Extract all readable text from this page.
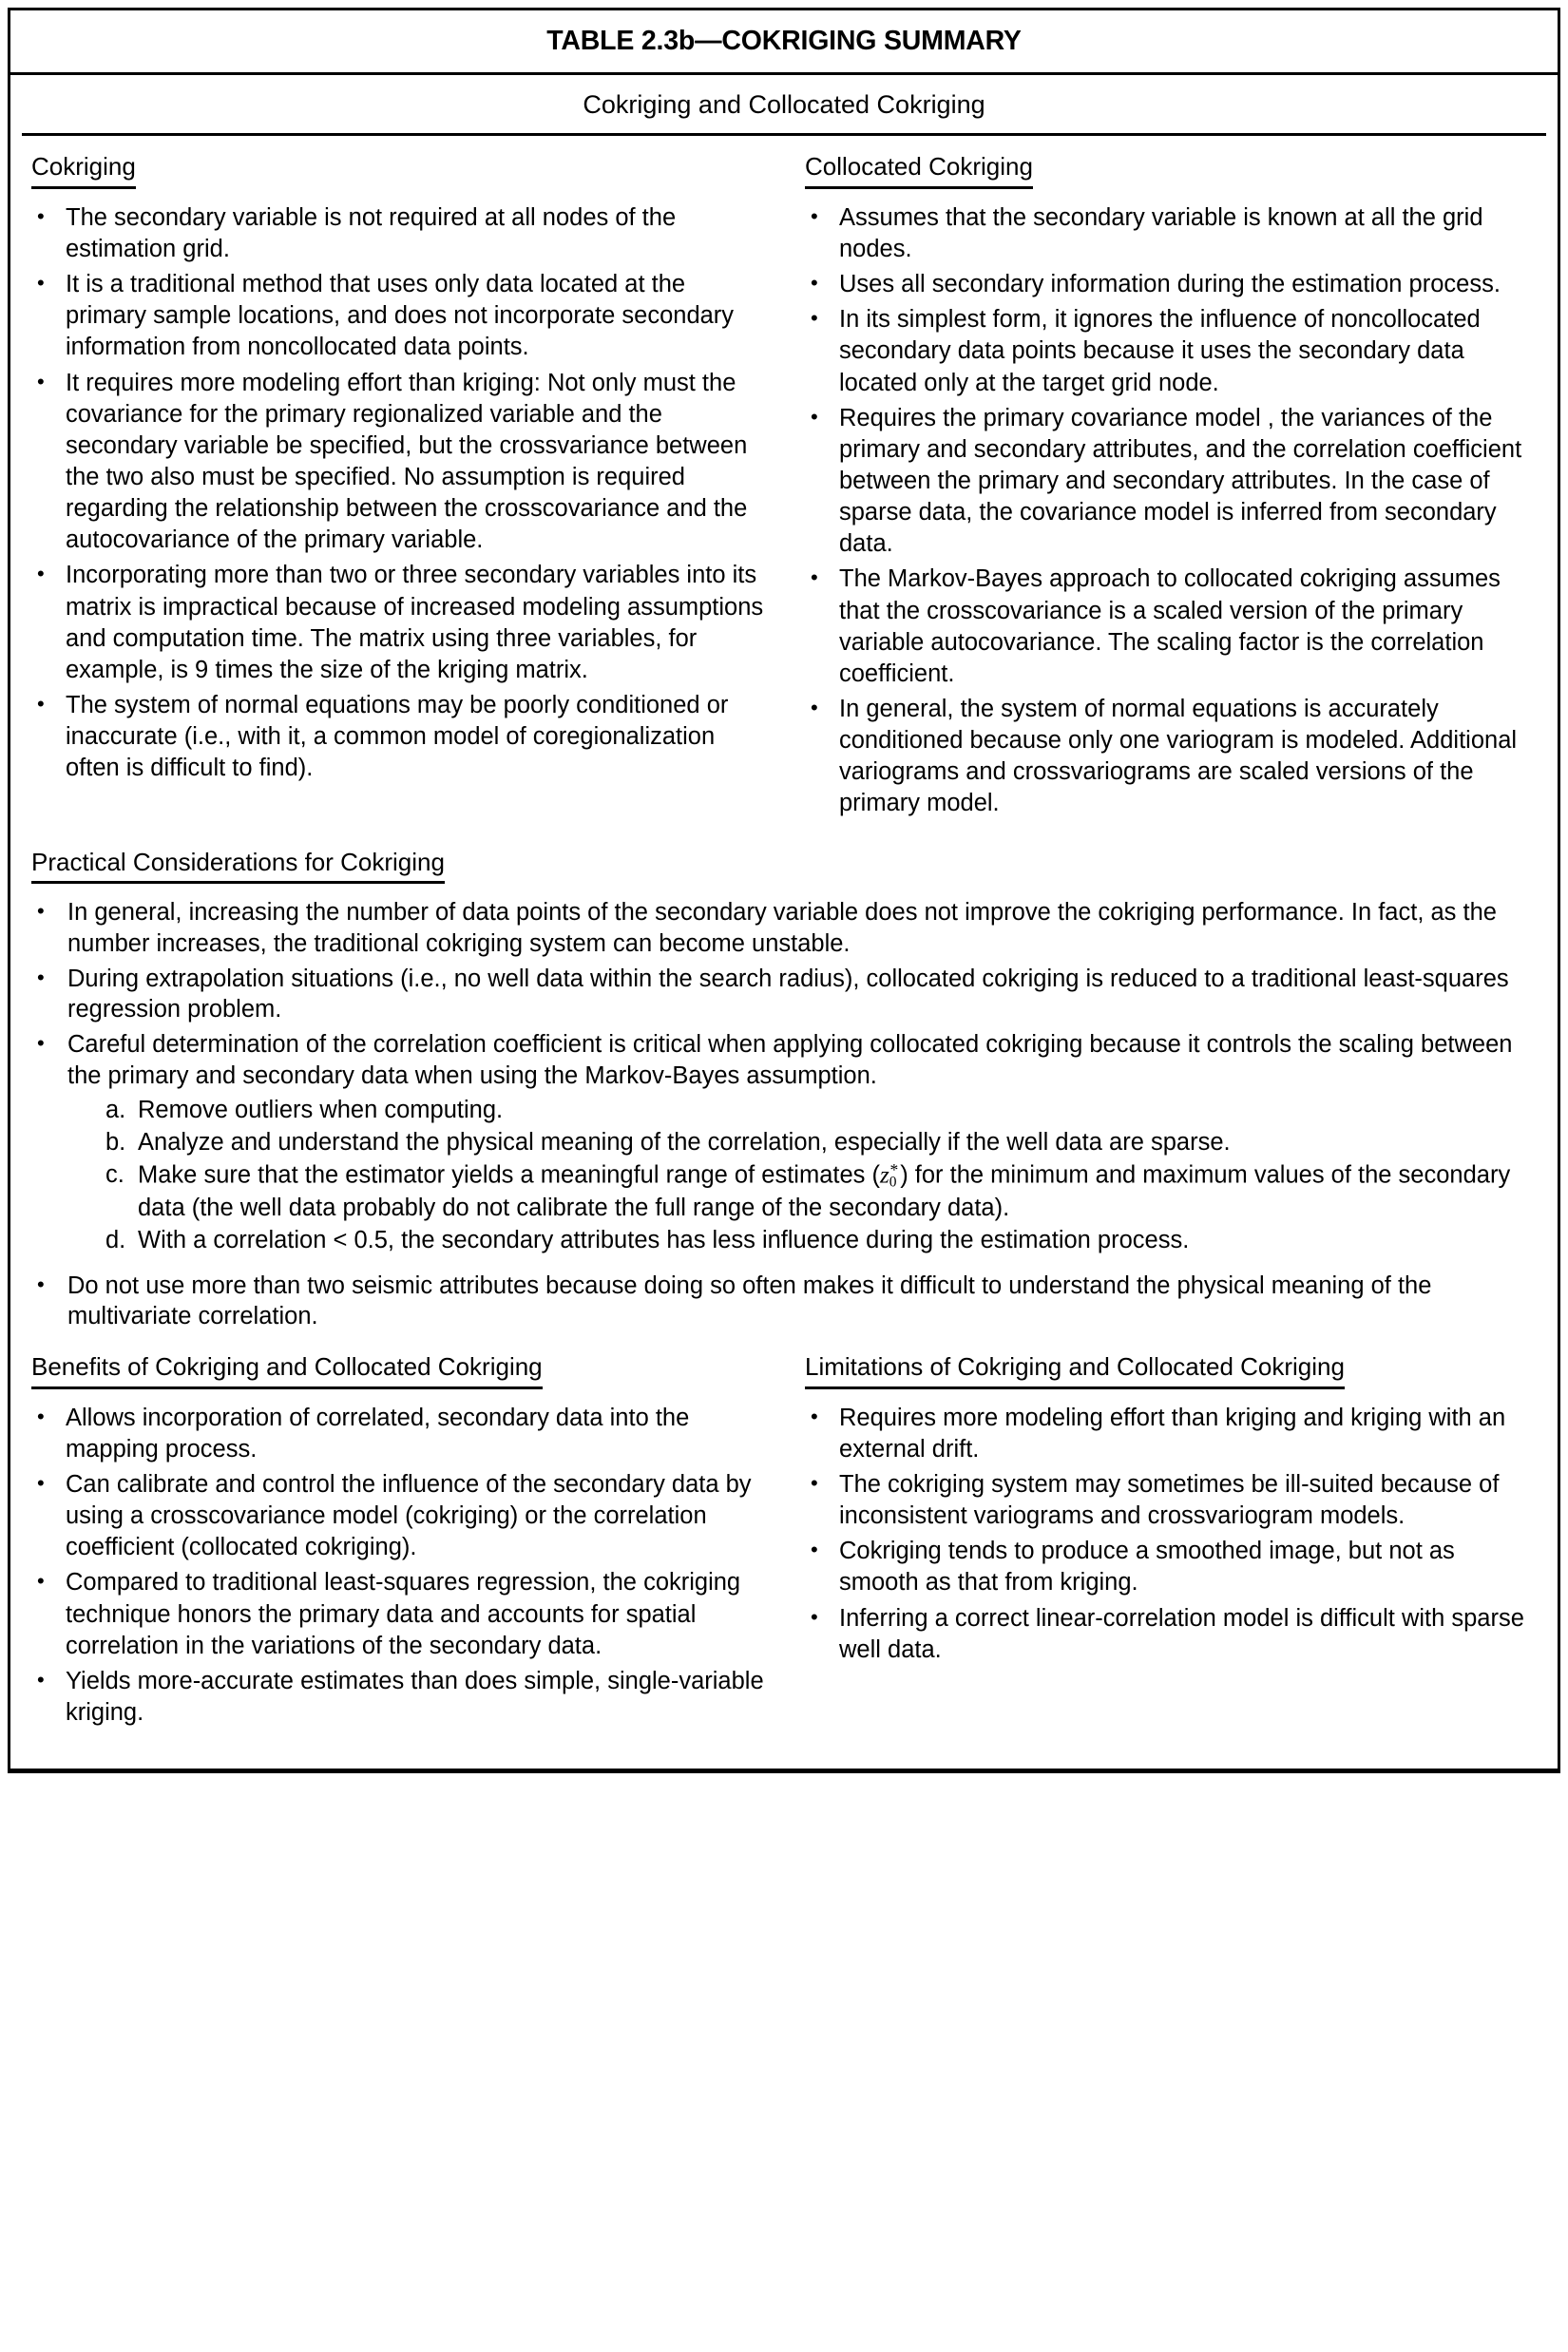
TABLE 2.3b—COKRIGING SUMMARY
Cokriging and Collocated Cokriging
Cokriging
• The secondary variable is not required at all nodes of the estimation grid.
• It is a traditional method that uses only data located at the primary sample locations, and does not incorporate secondary information from noncollocated data points.
• It requires more modeling effort than kriging: Not only must the covariance for the primary regionalized variable and the secondary variable be specified, but the crossvariance between the two also must be specified. No assumption is required regarding the relationship between the crosscovariance and the autocovariance of the primary variable.
• Incorporating more than two or three secondary variables into its matrix is impractical because of increased modeling assumptions and computation time. The matrix using three variables, for example, is 9 times the size of the kriging matrix.
• The system of normal equations may be poorly conditioned or inaccurate (i.e., with it, a common model of coregionalization often is difficult to find).
Collocated Cokriging
• Assumes that the secondary variable is known at all the grid nodes.
• Uses all secondary information during the estimation process.
• In its simplest form, it ignores the influence of noncollocated secondary data points because it uses the secondary data located only at the target grid node.
• Requires the primary covariance model , the variances of the primary and secondary attributes, and the correlation coefficient between the primary and secondary attributes. In the case of sparse data, the covariance model is inferred from secondary data.
• The Markov-Bayes approach to collocated cokriging assumes that the crosscovariance is a scaled version of the primary variable autocovariance. The scaling factor is the correlation coefficient.
• In general, the system of normal equations is accurately conditioned because only one variogram is modeled. Additional variograms and crossvariograms are scaled versions of the primary model.
Practical Considerations for Cokriging
• In general, increasing the number of data points of the secondary variable does not improve the cokriging performance. In fact, as the number increases, the traditional cokriging system can become unstable.
• During extrapolation situations (i.e., no well data within the search radius), collocated cokriging is reduced to a traditional least-squares regression problem.
• Careful determination of the correlation coefficient is critical when applying collocated cokriging because it controls the scaling between the primary and secondary data when using the Markov-Bayes assumption.
a. Remove outliers when computing.
b. Analyze and understand the physical meaning of the correlation, especially if the well data are sparse.
c. Make sure that the estimator yields a meaningful range of estimates $(z_0^*)$ for the minimum and maximum values of the secondary data (the well data probably do not calibrate the full range of the secondary data).
d. With a correlation < 0.5, the secondary attributes has less influence during the estimation process.
• Do not use more than two seismic attributes because doing so often makes it difficult to understand the physical meaning of the multivariate correlation.
Benefits of Cokriging and Collocated Cokriging
• Allows incorporation of correlated, secondary data into the mapping process.
• Can calibrate and control the influence of the secondary data by using a crosscovariance model (cokriging) or the correlation coefficient (collocated cokriging).
• Compared to traditional least-squares regression, the cokriging technique honors the primary data and accounts for spatial correlation in the variations of the secondary data.
• Yields more-accurate estimates than does simple, single-variable kriging.
Limitations of Cokriging and Collocated Cokriging
• Requires more modeling effort than kriging and kriging with an external drift.
• The cokriging system may sometimes be ill-suited because of inconsistent variograms and crossvariogram models.
• Cokriging tends to produce a smoothed image, but not as smooth as that from kriging.
• Inferring a correct linear-correlation model is difficult with sparse well data.
